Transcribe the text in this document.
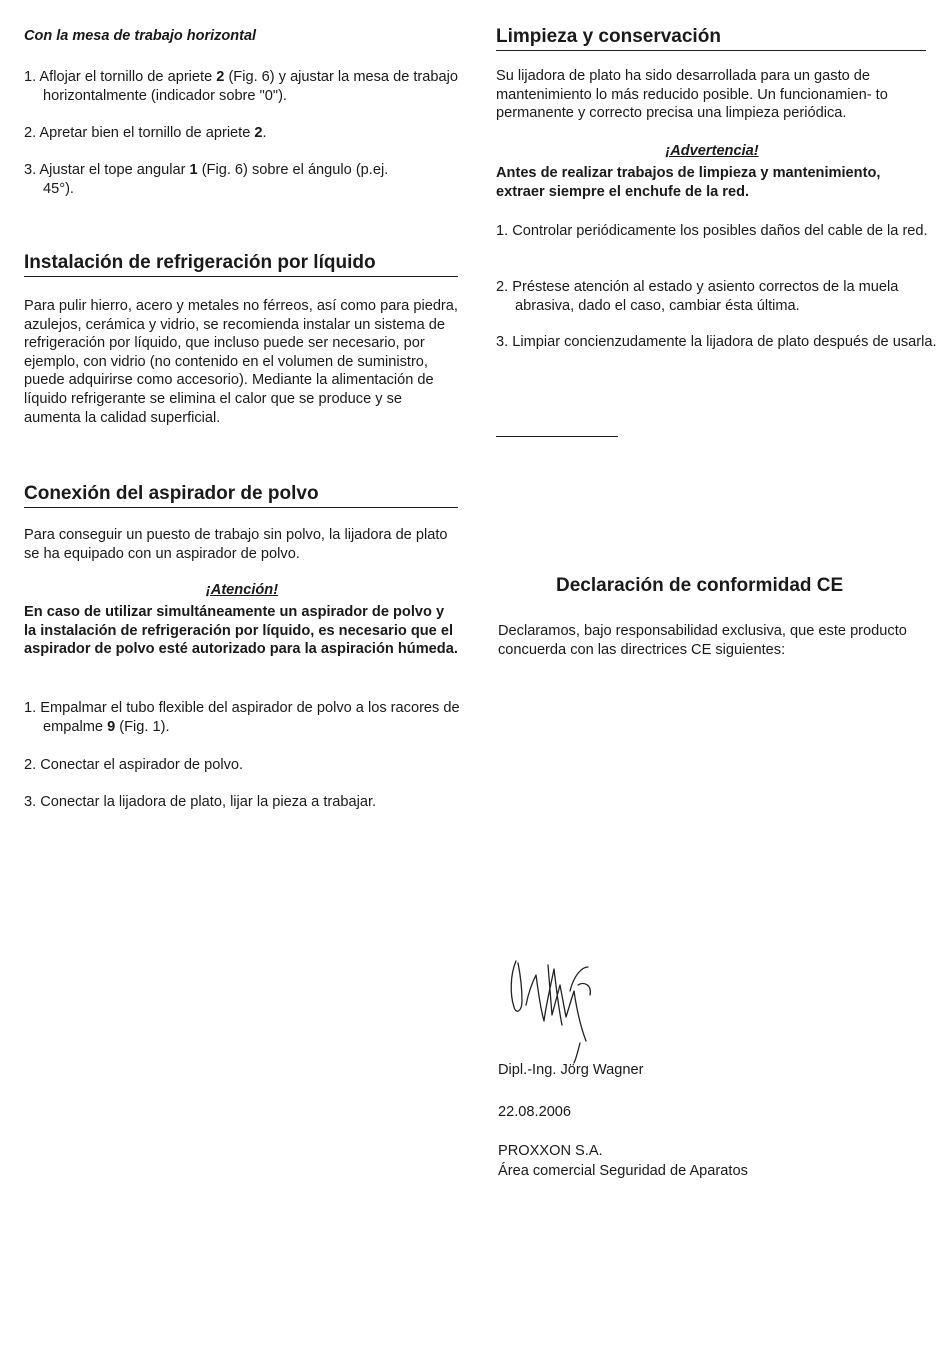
Con la mesa de trabajo horizontal
1. Aflojar el tornillo de apriete 2 (Fig. 6) y ajustar la mesa de trabajo horizontalmente (indicador sobre "0").
2. Apretar bien el tornillo de apriete 2.
3. Ajustar el tope angular 1 (Fig. 6) sobre el ángulo (p.ej. 45°).
Instalación de refrigeración por líquido

Para pulir hierro, acero y metales no férreos, así como para piedra, azulejos, cerámica y vidrio, se recomienda instalar un sistema de refrigeración por líquido, que incluso puede ser necesario, por ejemplo, con vidrio (no contenido en el volumen de suministro, puede adquirirse como accesorio). Mediante la alimentación de líquido refrigerante se elimina el calor que se produce y se aumenta la calidad superficial.

Conexión del aspirador de polvo

Para conseguir un puesto de trabajo sin polvo, la lijadora de plato se ha equipado con un aspirador de polvo.

¡Atención!

En caso de utilizar simultáneamente un aspirador de polvo y la instalación de refrigeración por líquido, es necesario que el aspirador de polvo esté autorizado para la aspiración húmeda.

1. Empalmar el tubo flexible del aspirador de polvo a los racores de empalme 9 (Fig. 1).
2. Conectar el aspirador de polvo.
3. Conectar la lijadora de plato, lijar la pieza a trabajar.
Limpieza y conservación

Su lijadora de plato ha sido desarrollada para un gasto de mantenimiento lo más reducido posible. Un funcionamien- to permanente y correcto precisa una limpieza periódica.

¡Advertencia!

Antes de realizar trabajos de limpieza y mantenimiento, extraer siempre el enchufe de la red.

1. Controlar periódicamente los posibles daños del cable de la red.
2. Préstese atención al estado y asiento correctos de la muela abrasiva, dado el caso, cambiar ésta última.
3. Limpiar concienzudamente la lijadora de plato después de usarla.
Declaración de conformidad CE

Declaramos, bajo responsabilidad exclusiva, que este producto concuerda con las directrices CE siguientes:

Dipl.-Ing. Jörg Wagner
22.08.2006
PROXXON S.A.
Área comercial Seguridad de Aparatos
